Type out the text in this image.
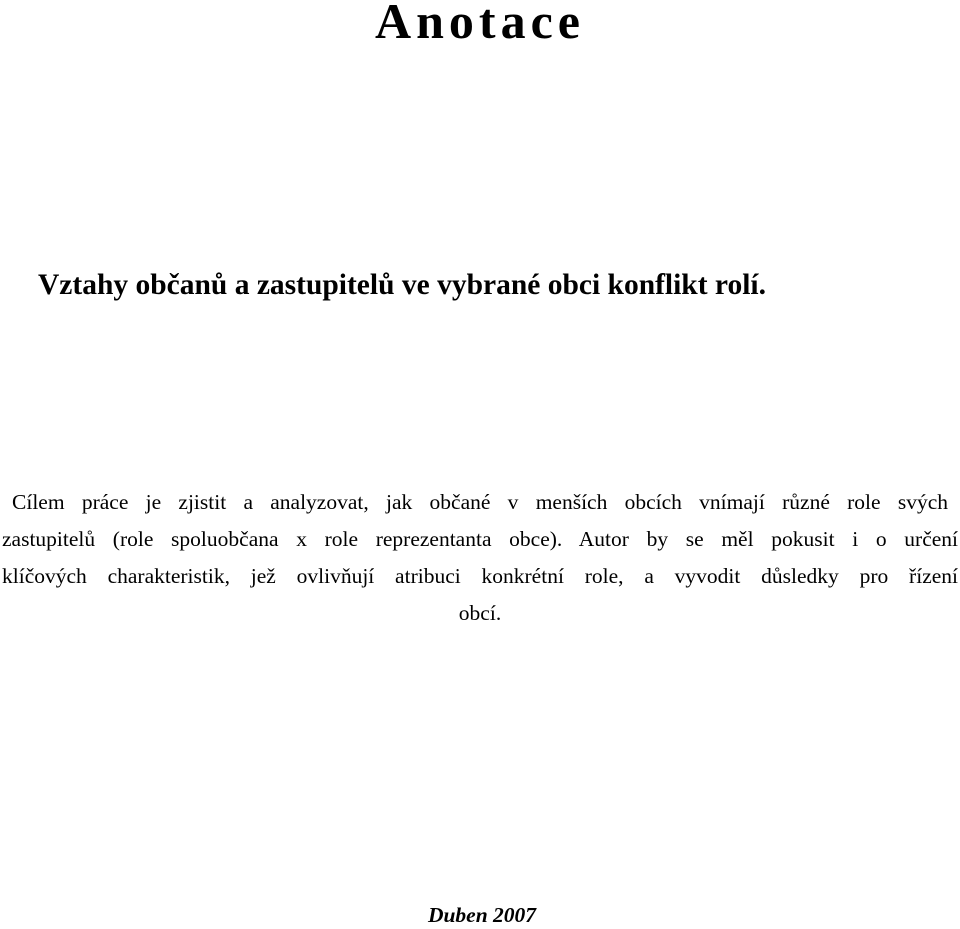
Anotace
Vztahy občanů a zastupitelů ve vybrané obci konflikt rolí.
Cílem práce je zjistit a analyzovat, jak občané v menších obcích vnímají různé role svých
zastupitelů (role spoluobčana x role reprezentanta obce). Autor by se měl pokusit i o určení
klíčových charakteristik, jež ovlivňují atribuci konkrétní role, a vyvodit důsledky pro řízení
obcí.
Duben 2007
